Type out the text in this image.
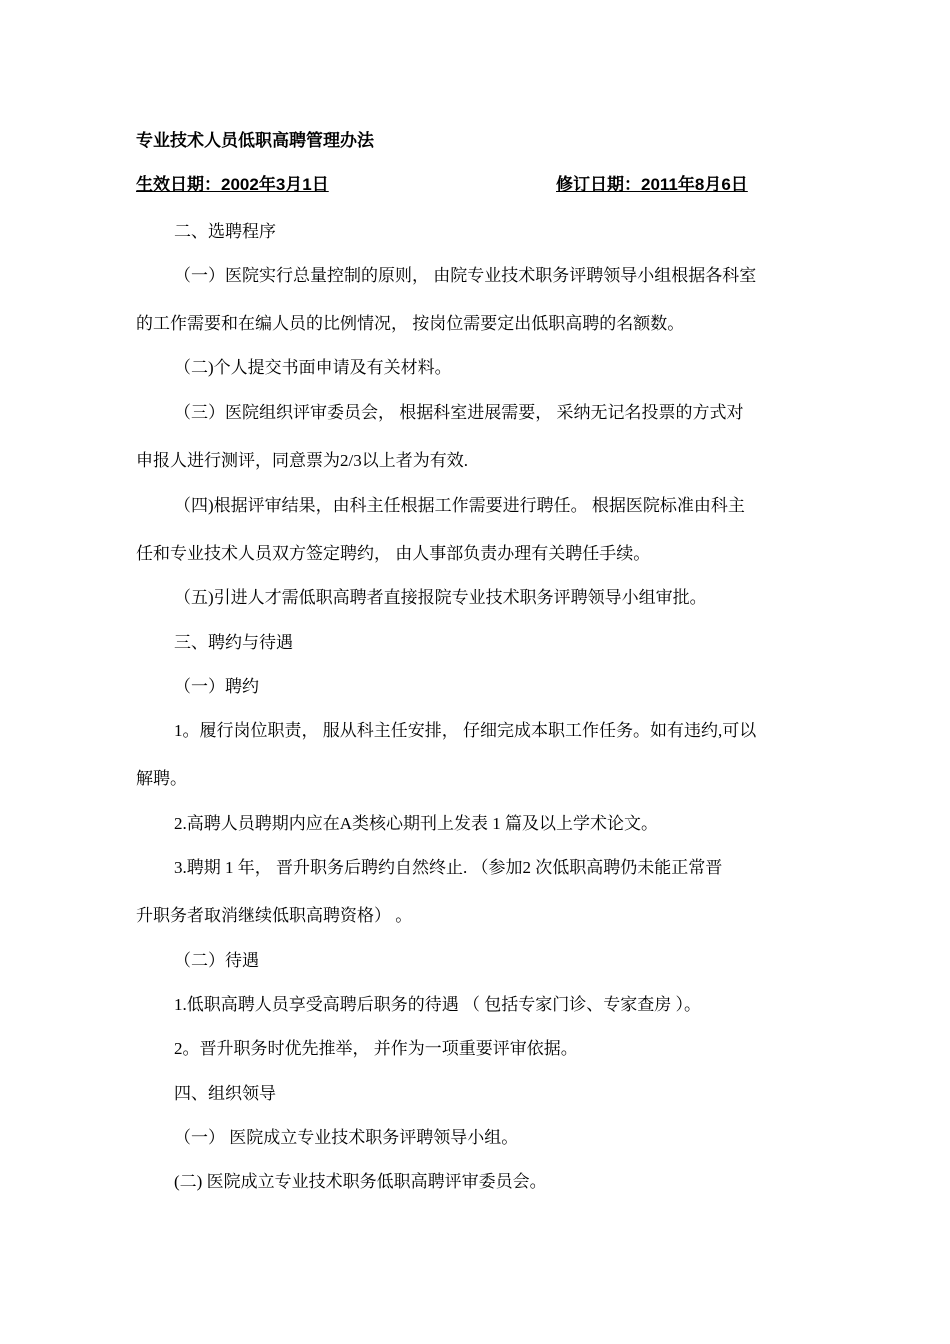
专业技术人员低职高聘管理办法
生效日期：2002年3月1日	修订日期：2011年8月6日
二、选聘程序
（一）医院实行总量控制的原则， 由院专业技术职务评聘领导小组根据各科室
的工作需要和在编人员的比例情况， 按岗位需要定出低职高聘的名额数。
（二)个人提交书面申请及有关材料。
（三）医院组织评审委员会， 根据科室进展需要， 采纳无记名投票的方式对
申报人进行测评，同意票为2/3以上者为有效.
（四)根据评审结果，由科主任根据工作需要进行聘任。 根据医院标准由科主
任和专业技术人员双方签定聘约， 由人事部负责办理有关聘任手续。
（五)引进人才需低职高聘者直接报院专业技术职务评聘领导小组审批。
三、聘约与待遇
（一）聘约
1。履行岗位职责， 服从科主任安排， 仔细完成本职工作任务。如有违约,可以
解聘。
2.高聘人员聘期内应在A类核心期刊上发表 1 篇及以上学术论文。
3.聘期 1 年， 晋升职务后聘约自然终止. （参加2 次低职高聘仍未能正常晋
升职务者取消继续低职高聘资格） 。
（二）待遇
1.低职高聘人员享受高聘后职务的待遇 （ 包括专家门诊、专家查房 ）。
2。晋升职务时优先推举， 并作为一项重要评审依据。
四、组织领导
（一） 医院成立专业技术职务评聘领导小组。
(二) 医院成立专业技术职务低职高聘评审委员会。
